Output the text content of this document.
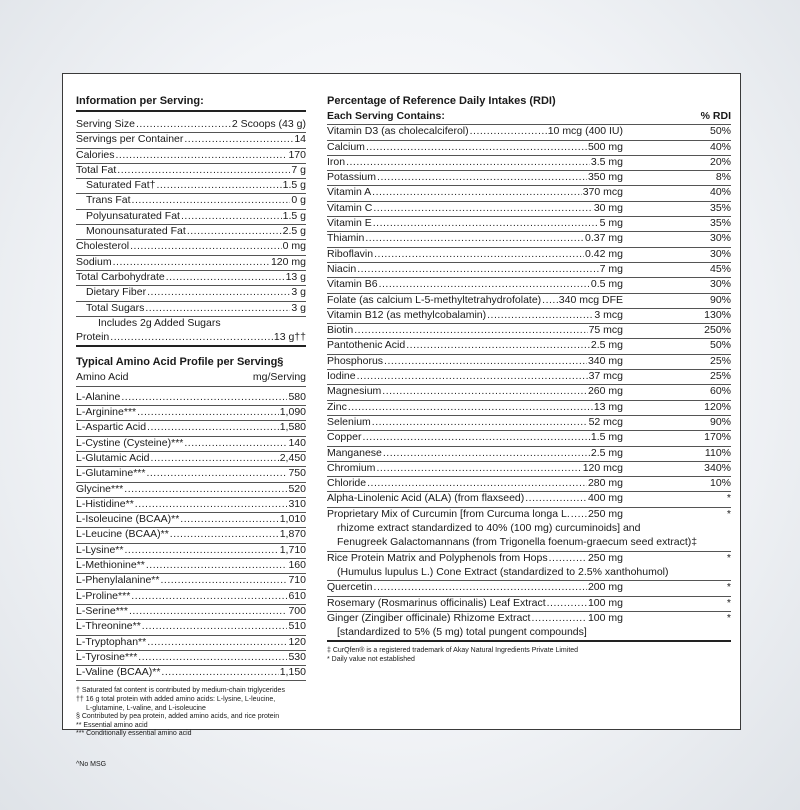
Information per Serving:
Serving Size .....	2 Scoops (43 g)
Servings per Container .....	14
Calories .....	170
Total Fat .....	7 g
Saturated Fat† .....	1.5 g
Trans Fat .....	0 g
Polyunsaturated Fat .....	1.5 g
Monounsaturated Fat .....	2.5 g
Cholesterol .....	0 mg
Sodium .....	120 mg
Total Carbohydrate .....	13 g
Dietary Fiber .....	3 g
Total Sugars .....	3 g
Includes 2g Added Sugars
Protein .....	13 g††
Typical Amino Acid Profile per Serving§
Amino Acid	mg/Serving
L-Alanine .....	580
L-Arginine*** .....	1,090
L-Aspartic Acid .....	1,580
L-Cystine (Cysteine)*** .....	140
L-Glutamic Acid .....	2,450
L-Glutamine*** .....	750
Glycine*** .....	520
L-Histidine** .....	310
L-Isoleucine (BCAA)** .....	1,010
L-Leucine (BCAA)** .....	1,870
L-Lysine** .....	1,710
L-Methionine** .....	160
L-Phenylalanine** .....	710
L-Proline*** .....	610
L-Serine*** .....	700
L-Threonine** .....	510
L-Tryptophan** .....	120
L-Tyrosine*** .....	530
L-Valine (BCAA)** .....	1,150
† Saturated fat content is contributed by medium-chain triglycerides
†† 16 g total protein with added amino acids: L-lysine, L-leucine,
L-glutamine, L-valine, and L-isoleucine
§ Contributed by pea protein, added amino acids, and rice protein
** Essential amino acid
*** Conditionally essential amino acid
^No MSG
Percentage of Reference Daily Intakes (RDI)
Each Serving Contains:	% RDI
Vitamin D3 (as cholecalciferol) .....	10 mcg (400 IU)	50%
Calcium .....	500 mg	40%
Iron .....	3.5 mg	20%
Potassium .....	350 mg	8%
Vitamin A .....	370 mcg	40%
Vitamin C .....	30 mg	35%
Vitamin E .....	5 mg	35%
Thiamin .....	0.37 mg	30%
Riboflavin .....	0.42 mg	30%
Niacin .....	7 mg	45%
Vitamin B6 .....	0.5 mg	30%
Folate (as calcium L-5-methyltetrahydrofolate) ..... 340 mcg DFE	90%
Vitamin B12 (as methylcobalamin) .....	3 mcg	130%
Biotin .....	75 mcg	250%
Pantothenic Acid .....	2.5 mg	50%
Phosphorus .....	340 mg	25%
Iodine .....	37 mcg	25%
Magnesium .....	260 mg	60%
Zinc .....	13 mg	120%
Selenium .....	52 mcg	90%
Copper .....	1.5 mg	170%
Manganese .....	2.5 mg	110%
Chromium .....	120 mcg	340%
Chloride .....	280 mg	10%
Alpha-Linolenic Acid (ALA) (from flaxseed) .....	400 mg	*
Proprietary Mix of Curcumin [from Curcuma longa L. ..... 250 mg	*
rhizome extract standardized to 40% (100 mg) curcuminoids] and
Fenugreek Galactomannans (from Trigonella foenum-graecum seed extract)‡
Rice Protein Matrix and Polyphenols from Hops .....	250 mg	*
(Humulus lupulus L.) Cone Extract (standardized to 2.5% xanthohumol)
Quercetin .....	200 mg	*
Rosemary (Rosmarinus officinalis) Leaf Extract .....	100 mg	*
Ginger (Zingiber officinale) Rhizome Extract .....	100 mg	*
[standardized to 5% (5 mg) total pungent compounds]
‡ CurQfen® is a registered trademark of Akay Natural Ingredients Private Limited
* Daily value not established
